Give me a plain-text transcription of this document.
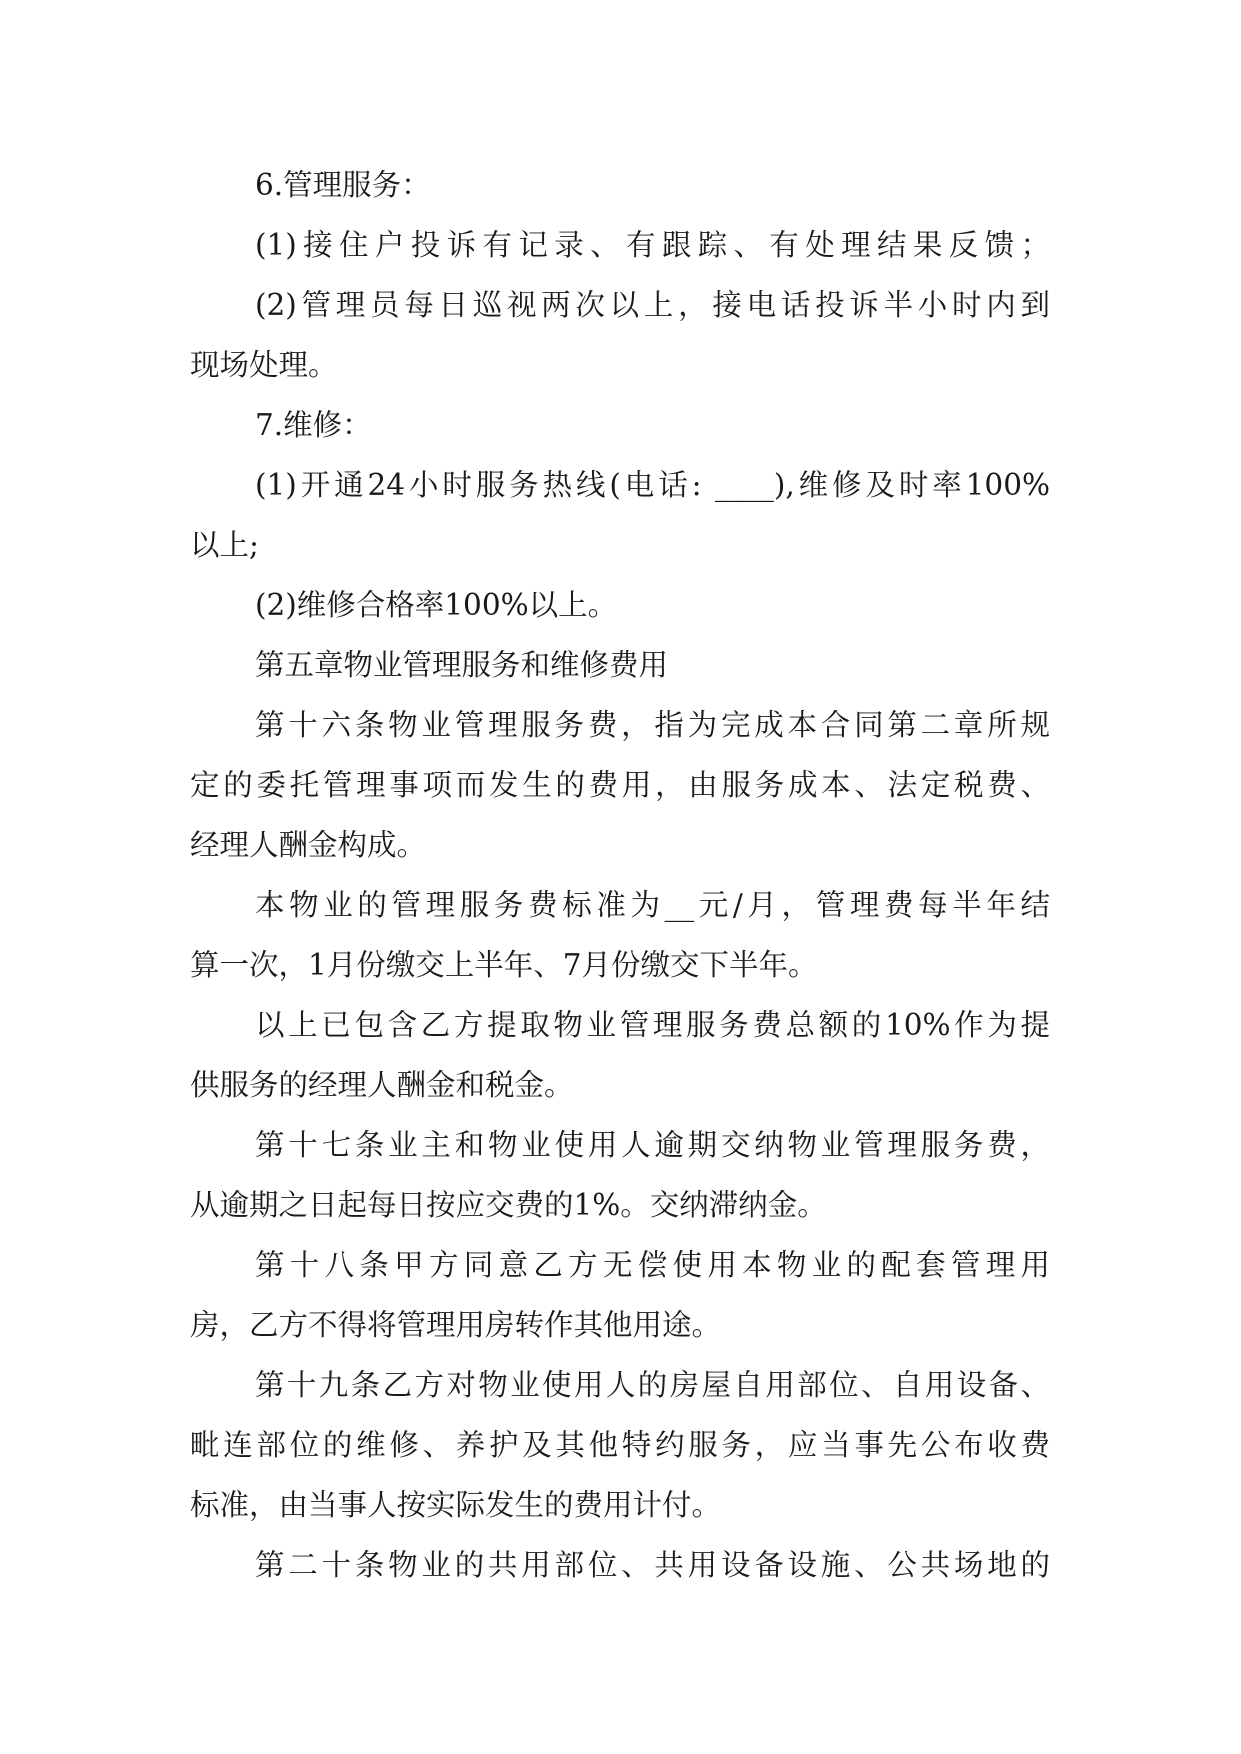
6.管理服务：
(1)接住户投诉有记录、有跟踪、有处理结果反馈；
(2)管理员每日巡视两次以上，接电话投诉半小时内到
现场处理。
7.维修：
(1)开通24小时服务热线(电话: ____),维修及时率100%
以上;
(2)维修合格率100%以上。
第五章物业管理服务和维修费用
第十六条物业管理服务费，指为完成本合同第二章所规
定的委托管理事项而发生的费用，由服务成本、法定税费、
经理人酬金构成。
本物业的管理服务费标准为__元/月，管理费每半年结
算一次，1月份缴交上半年、7月份缴交下半年。
以上已包含乙方提取物业管理服务费总额的10%作为提
供服务的经理人酬金和税金。
第十七条业主和物业使用人逾期交纳物业管理服务费，
从逾期之日起每日按应交费的1%。交纳滞纳金。
第十八条甲方同意乙方无偿使用本物业的配套管理用
房，乙方不得将管理用房转作其他用途。
第十九条乙方对物业使用人的房屋自用部位、自用设备、
毗连部位的维修、养护及其他特约服务，应当事先公布收费
标准，由当事人按实际发生的费用计付。
第二十条物业的共用部位、共用设备设施、公共场地的
